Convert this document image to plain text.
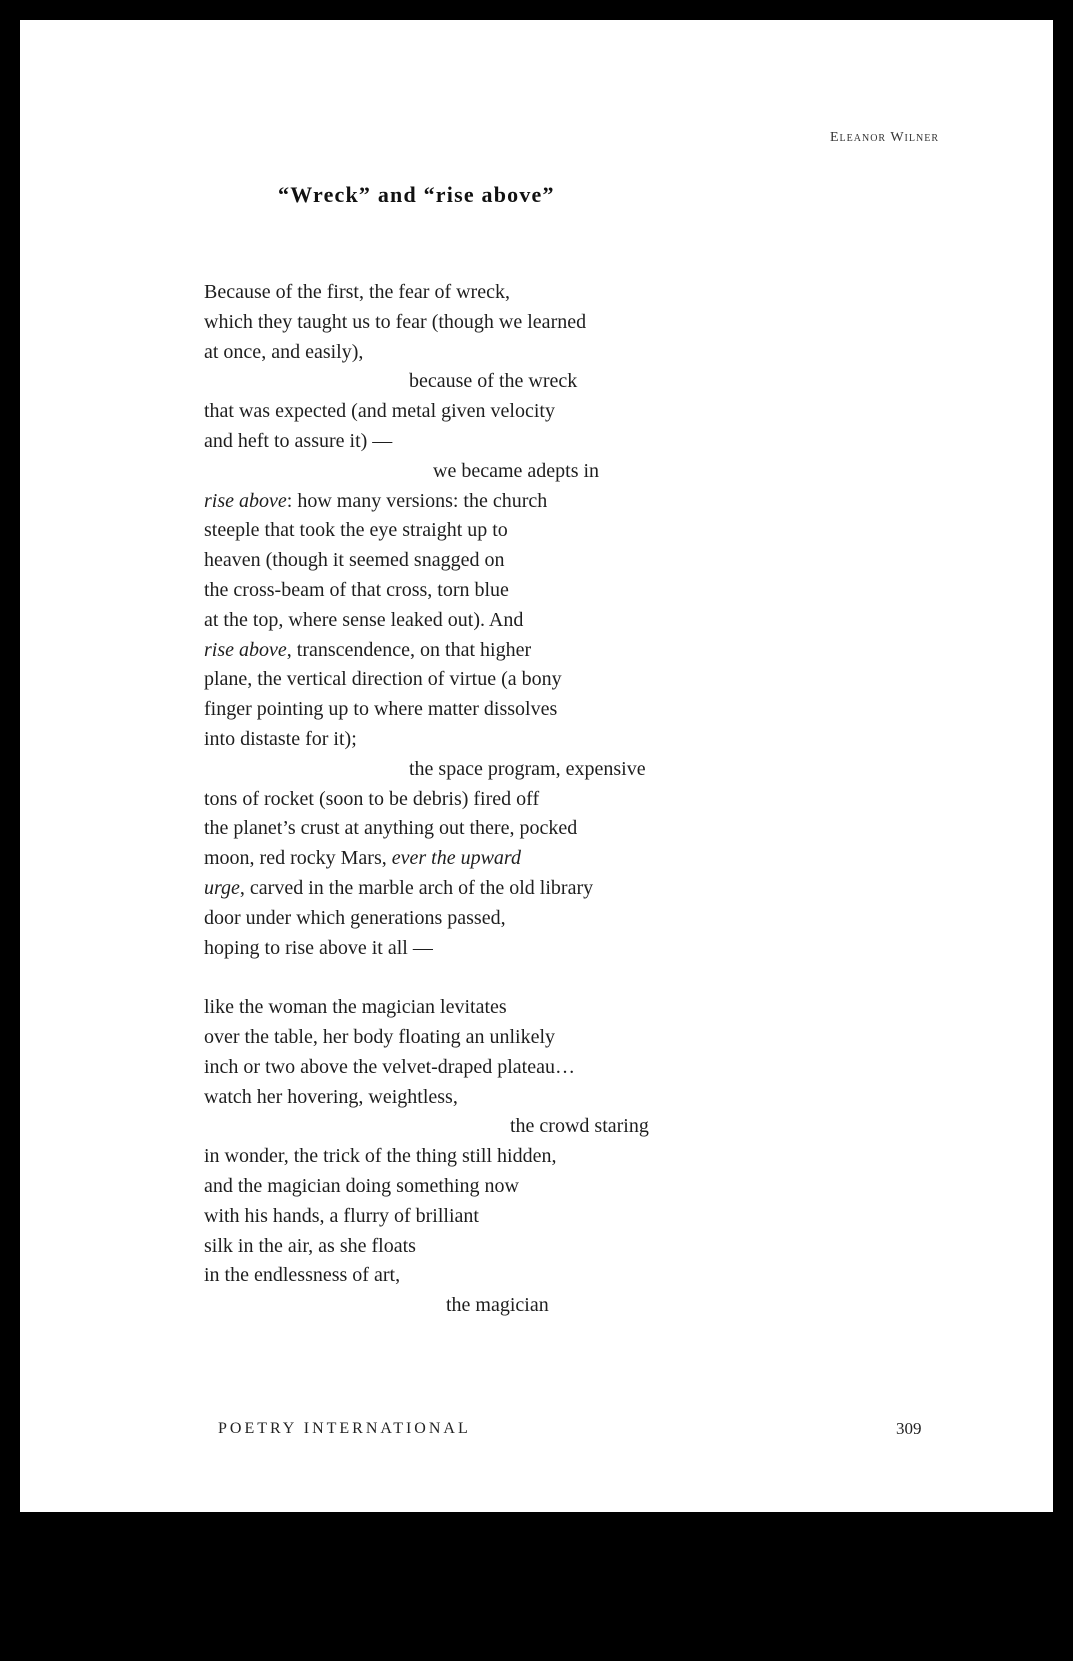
Eleanor Wilner
“Wreck” and “rise above”
Because of the first, the fear of wreck,
which they taught us to fear (though we learned
at once, and easily),
because of the wreck
that was expected (and metal given velocity
and heft to assure it) —
we became adepts in
rise above: how many versions: the church
steeple that took the eye straight up to
heaven (though it seemed snagged on
the cross-beam of that cross, torn blue
at the top, where sense leaked out). And
rise above, transcendence, on that higher
plane, the vertical direction of virtue (a bony
finger pointing up to where matter dissolves
into distaste for it);
the space program, expensive
tons of rocket (soon to be debris) fired off
the planet’s crust at anything out there, pocked
moon, red rocky Mars, ever the upward
urge, carved in the marble arch of the old library
door under which generations passed,
hoping to rise above it all —
like the woman the magician levitates
over the table, her body floating an unlikely
inch or two above the velvet-draped plateau…
watch her hovering, weightless,
the crowd staring
in wonder, the trick of the thing still hidden,
and the magician doing something now
with his hands, a flurry of brilliant
silk in the air, as she floats
in the endlessness of art,
the magician
POETRY INTERNATIONAL	309
